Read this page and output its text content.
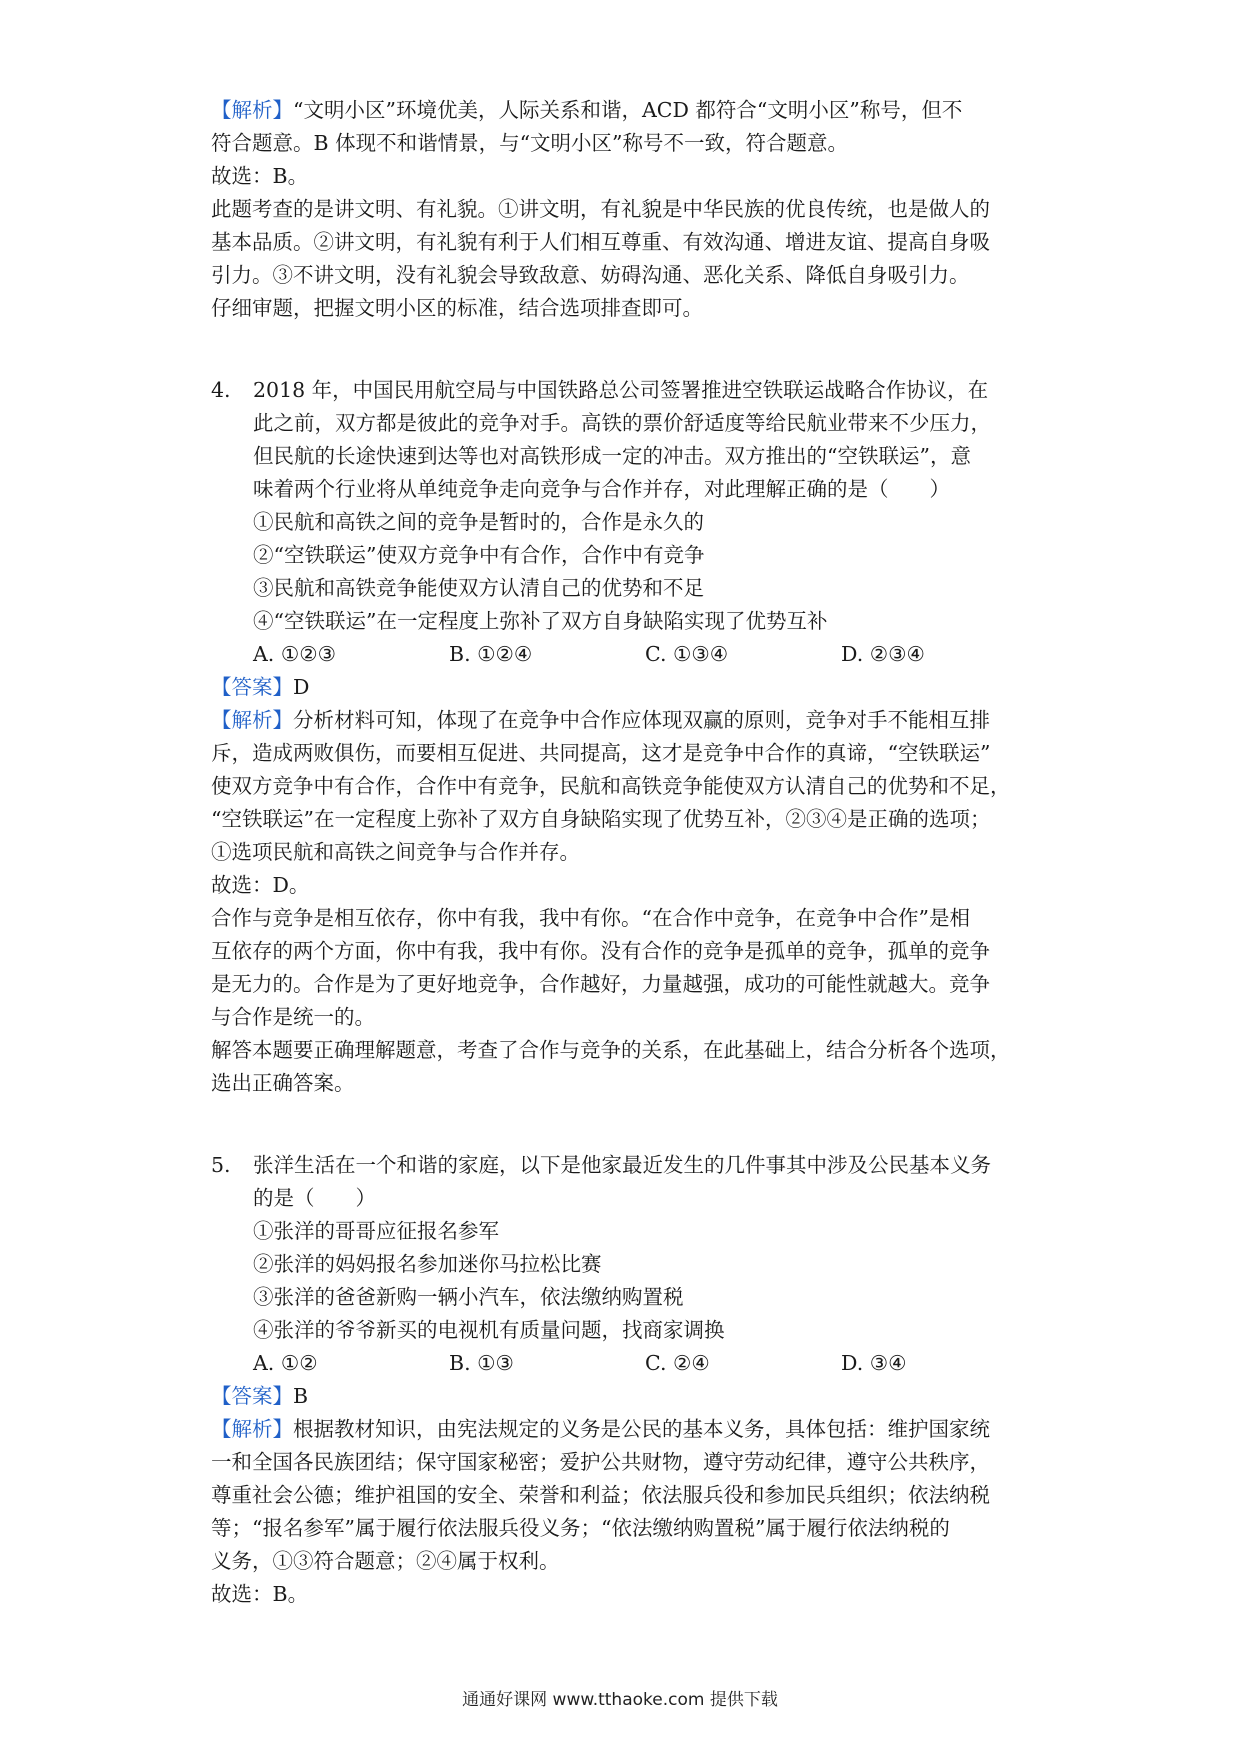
【解析】“文明小区”环境优美，人际关系和谐，ACD 都符合“文明小区”称号，但不
符合题意。B 体现不和谐情景，与“文明小区”称号不一致，符合题意。
故选：B。
此题考查的是讲文明、有礼貌。①讲文明，有礼貌是中华民族的优良传统，也是做人的
基本品质。②讲文明，有礼貌有利于人们相互尊重、有效沟通、增进友谊、提高自身吸
引力。③不讲文明，没有礼貌会导致敌意、妨碍沟通、恶化关系、降低自身吸引力。
仔细审题，把握文明小区的标准，结合选项排查即可。
4. 2018 年，中国民用航空局与中国铁路总公司签署推进空铁联运战略合作协议，在
此之前，双方都是彼此的竞争对手。高铁的票价舒适度等给民航业带来不少压力，
但民航的长途快速到达等也对高铁形成一定的冲击。双方推出的“空铁联运”，意
味着两个行业将从单纯竞争走向竞争与合作并存，对此理解正确的是（　　）
①民航和高铁之间的竞争是暂时的，合作是永久的
②“空铁联运”使双方竞争中有合作，合作中有竞争
③民航和高铁竞争能使双方认清自己的优势和不足
④“空铁联运”在一定程度上弥补了双方自身缺陷实现了优势互补
A. ①②③	B. ①②④	C. ①③④	D. ②③④
【答案】D
【解析】分析材料可知，体现了在竞争中合作应体现双赢的原则，竞争对手不能相互排
斥，造成两败俱伤，而要相互促进、共同提高，这才是竞争中合作的真谛，“空铁联运”
使双方竞争中有合作，合作中有竞争，民航和高铁竞争能使双方认清自己的优势和不足，
“空铁联运”在一定程度上弥补了双方自身缺陷实现了优势互补，②③④是正确的选项；
①选项民航和高铁之间竞争与合作并存。
故选：D。
合作与竞争是相互依存，你中有我，我中有你。“在合作中竞争，在竞争中合作”是相
互依存的两个方面，你中有我，我中有你。没有合作的竞争是孤单的竞争，孤单的竞争
是无力的。合作是为了更好地竞争，合作越好，力量越强，成功的可能性就越大。竞争
与合作是统一的。
解答本题要正确理解题意，考查了合作与竞争的关系，在此基础上，结合分析各个选项，
选出正确答案。
5. 张洋生活在一个和谐的家庭，以下是他家最近发生的几件事其中涉及公民基本义务
的是（　　）
①张洋的哥哥应征报名参军
②张洋的妈妈报名参加迷你马拉松比赛
③张洋的爸爸新购一辆小汽车，依法缴纳购置税
④张洋的爷爷新买的电视机有质量问题，找商家调换
A. ①②	B. ①③	C. ②④	D. ③④
【答案】B
【解析】根据教材知识，由宪法规定的义务是公民的基本义务，具体包括：维护国家统
一和全国各民族团结；保守国家秘密；爱护公共财物，遵守劳动纪律，遵守公共秩序，
尊重社会公德；维护祖国的安全、荣誉和利益；依法服兵役和参加民兵组织；依法纳税
等；“报名参军”属于履行依法服兵役义务；“依法缴纳购置税”属于履行依法纳税的
义务，①③符合题意；②④属于权利。
故选：B。
通通好课网 www.tthaoke.com 提供下载
